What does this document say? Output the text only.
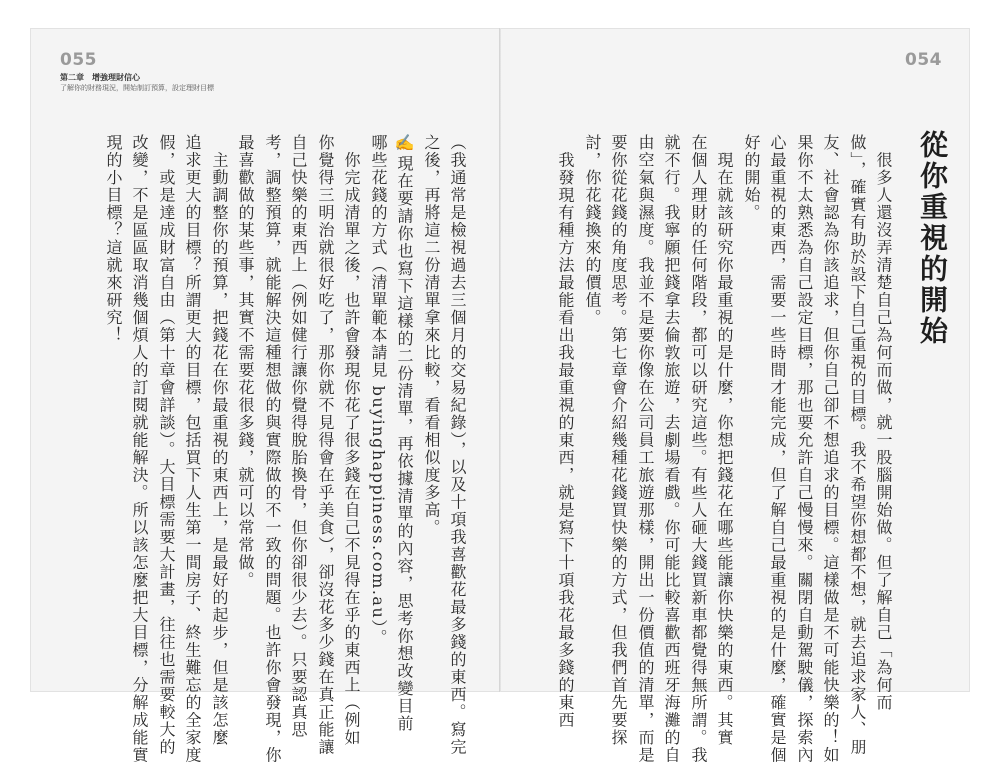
055
第二章　增強理財信心
了解你的財務現況，開始制訂預算，設定理財目標
054
從你重視的開始
（我通常是檢視過去三個月的交易紀錄），以及十項我喜歡花最多錢的東西。寫完
之後，再將這二份清單拿來比較，看看相似度多高。
✍現在要請你也寫下這樣的二份清單，再依據清單的內容，思考你想改變目前
哪些花錢的方式（清單範本請見 buyinghappiness.com.au）。
　你完成清單之後，也許會發現你花了很多錢在自己不見得在乎的東西上（例如
你覺得三明治就很好吃了，那你就不見得會在乎美食），卻沒花多少錢在真正能讓
自己快樂的東西上（例如健行讓你覺得脫胎換骨，但你卻很少去）。只要認真思
考，調整預算，就能解決這種想做的與實際做的不一致的問題。也許你會發現，你
最喜歡做的某些事，其實不需要花很多錢，就可以常常做。
　主動調整你的預算，把錢花在你最重視的東西上，是最好的起步，但是該怎麼
追求更大的目標？所謂更大的目標，包括買下人生第一間房子、終生難忘的全家度
假，或是達成財富自由（第十章會詳談）。大目標需要大計畫，往往也需要較大的
改變，不是區區取消幾個煩人的訂閱就能解決。所以該怎麼把大目標，分解成能實
現的小目標？這就來研究！	　很多人還沒弄清楚自己為何而做，就一股腦開始做。但了解自己「為何而
做」，確實有助於設下自己重視的目標。我不希望你想都不想，就去追求家人、朋
友、社會認為你該追求，但你自己卻不想追求的目標。這樣做是不可能快樂的！如
果你不太熟悉為自己設定目標，那也要允許自己慢慢來。關閉自動駕駛儀，探索內
心最重視的東西，需要一些時間才能完成，但了解自己最重視的是什麼，確實是個
好的開始。
　現在就該研究你最重視的是什麼，你想把錢花在哪些能讓你快樂的東西。其實
在個人理財的任何階段，都可以研究這些。有些人砸大錢買新車都覺得無所謂。我
就不行。我寧願把錢拿去倫敦旅遊，去劇場看戲。你可能比較喜歡西班牙海灘的自
由空氣與濕度。我並不是要你像在公司員工旅遊那樣，開出一份價值的清單，而是
要你從花錢的角度思考。第七章會介紹幾種花錢買快樂的方式，但我們首先要探
討，你花錢換來的價值。
　我發現有種方法最能看出我最重視的東西，就是寫下十項我花最多錢的東西
